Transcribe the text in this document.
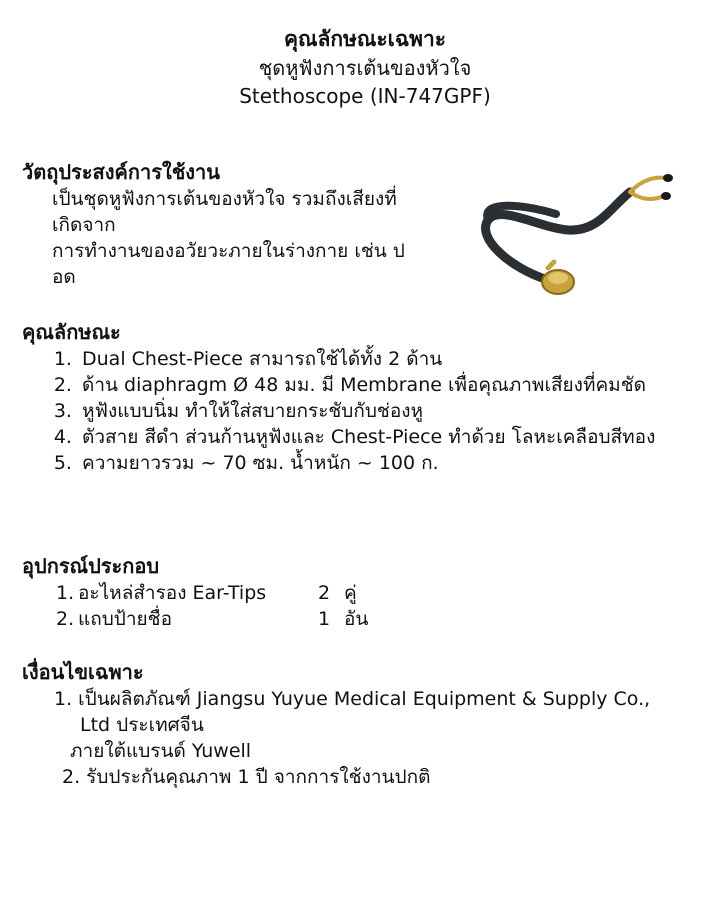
คุณลักษณะเฉพาะ
ชุดหูฟังการเต้นของหัวใจ
Stethoscope (IN-747GPF)
วัตถุประสงค์การใช้งาน

เป็นชุดหูฟังการเต้นของหัวใจ รวมถึงเสียงที่

เกิดจาก

การทำงานของอวัยวะภายในร่างกาย เช่น ป

อด

คุณลักษณะ
1. Dual Chest-Piece สามารถใช้ได้ทั้ง 2 ด้าน
2. ด้าน diaphragm Ø 48 มม. มี Membrane เพื่อคุณภาพเสียงที่คมชัด
3. หูฟังแบบนิ่ม ทำให้ใส่สบายกระชับกับช่องหู
4. ตัวสาย สีดำ ส่วนก้านหูฟังและ Chest-Piece ทำด้วย โลหะเคลือบสีทอง
5. ความยาวรวม ~ 70 ซม. น้ำหนัก ~ 100 ก.
อุปกรณ์ประกอบ
1. อะไหล่สำรอง Ear-Tips	2 คู่
2. แถบป้ายชื่อ	1 อัน
เงื่อนไขเฉพาะ
1. เป็นผลิตภัณฑ์ Jiangsu Yuyue Medical Equipment & Supply Co.,
Ltd ประเทศจีน
ภายใต้แบรนด์ Yuwell
2. รับประกันคุณภาพ 1 ปี จากการใช้งานปกติ
